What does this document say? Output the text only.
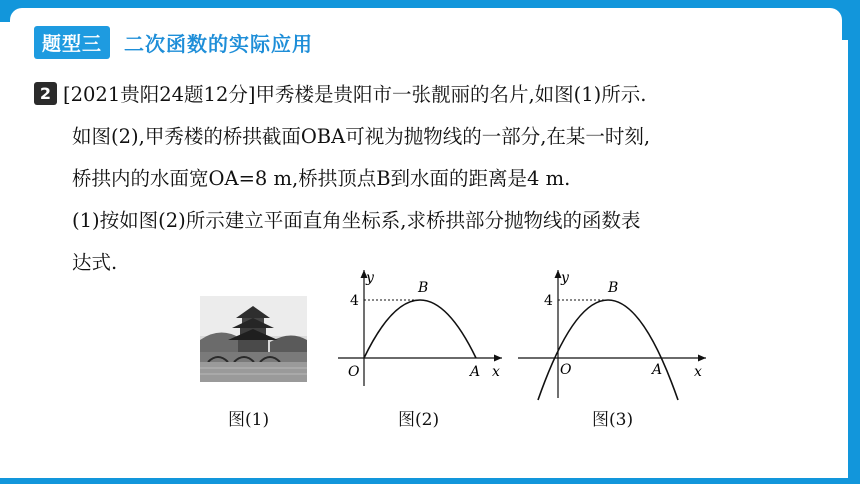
题型三	二次函数的实际应用
2 [2021贵阳24题12分]甲秀楼是贵阳市一张靓丽的名片,如图(1)所示.
如图(2),甲秀楼的桥拱截面OBA可视为抛物线的一部分,在某一时刻,
桥拱内的水面宽OA=8 m,桥拱顶点B到水面的距离是4 m.
(1)按如图(2)所示建立平面直角坐标系,求桥拱部分抛物线的函数表
达式.
图(1)
y
x
O	A
B
4
图(2)
y
x
O	A
B
4
图(3)
